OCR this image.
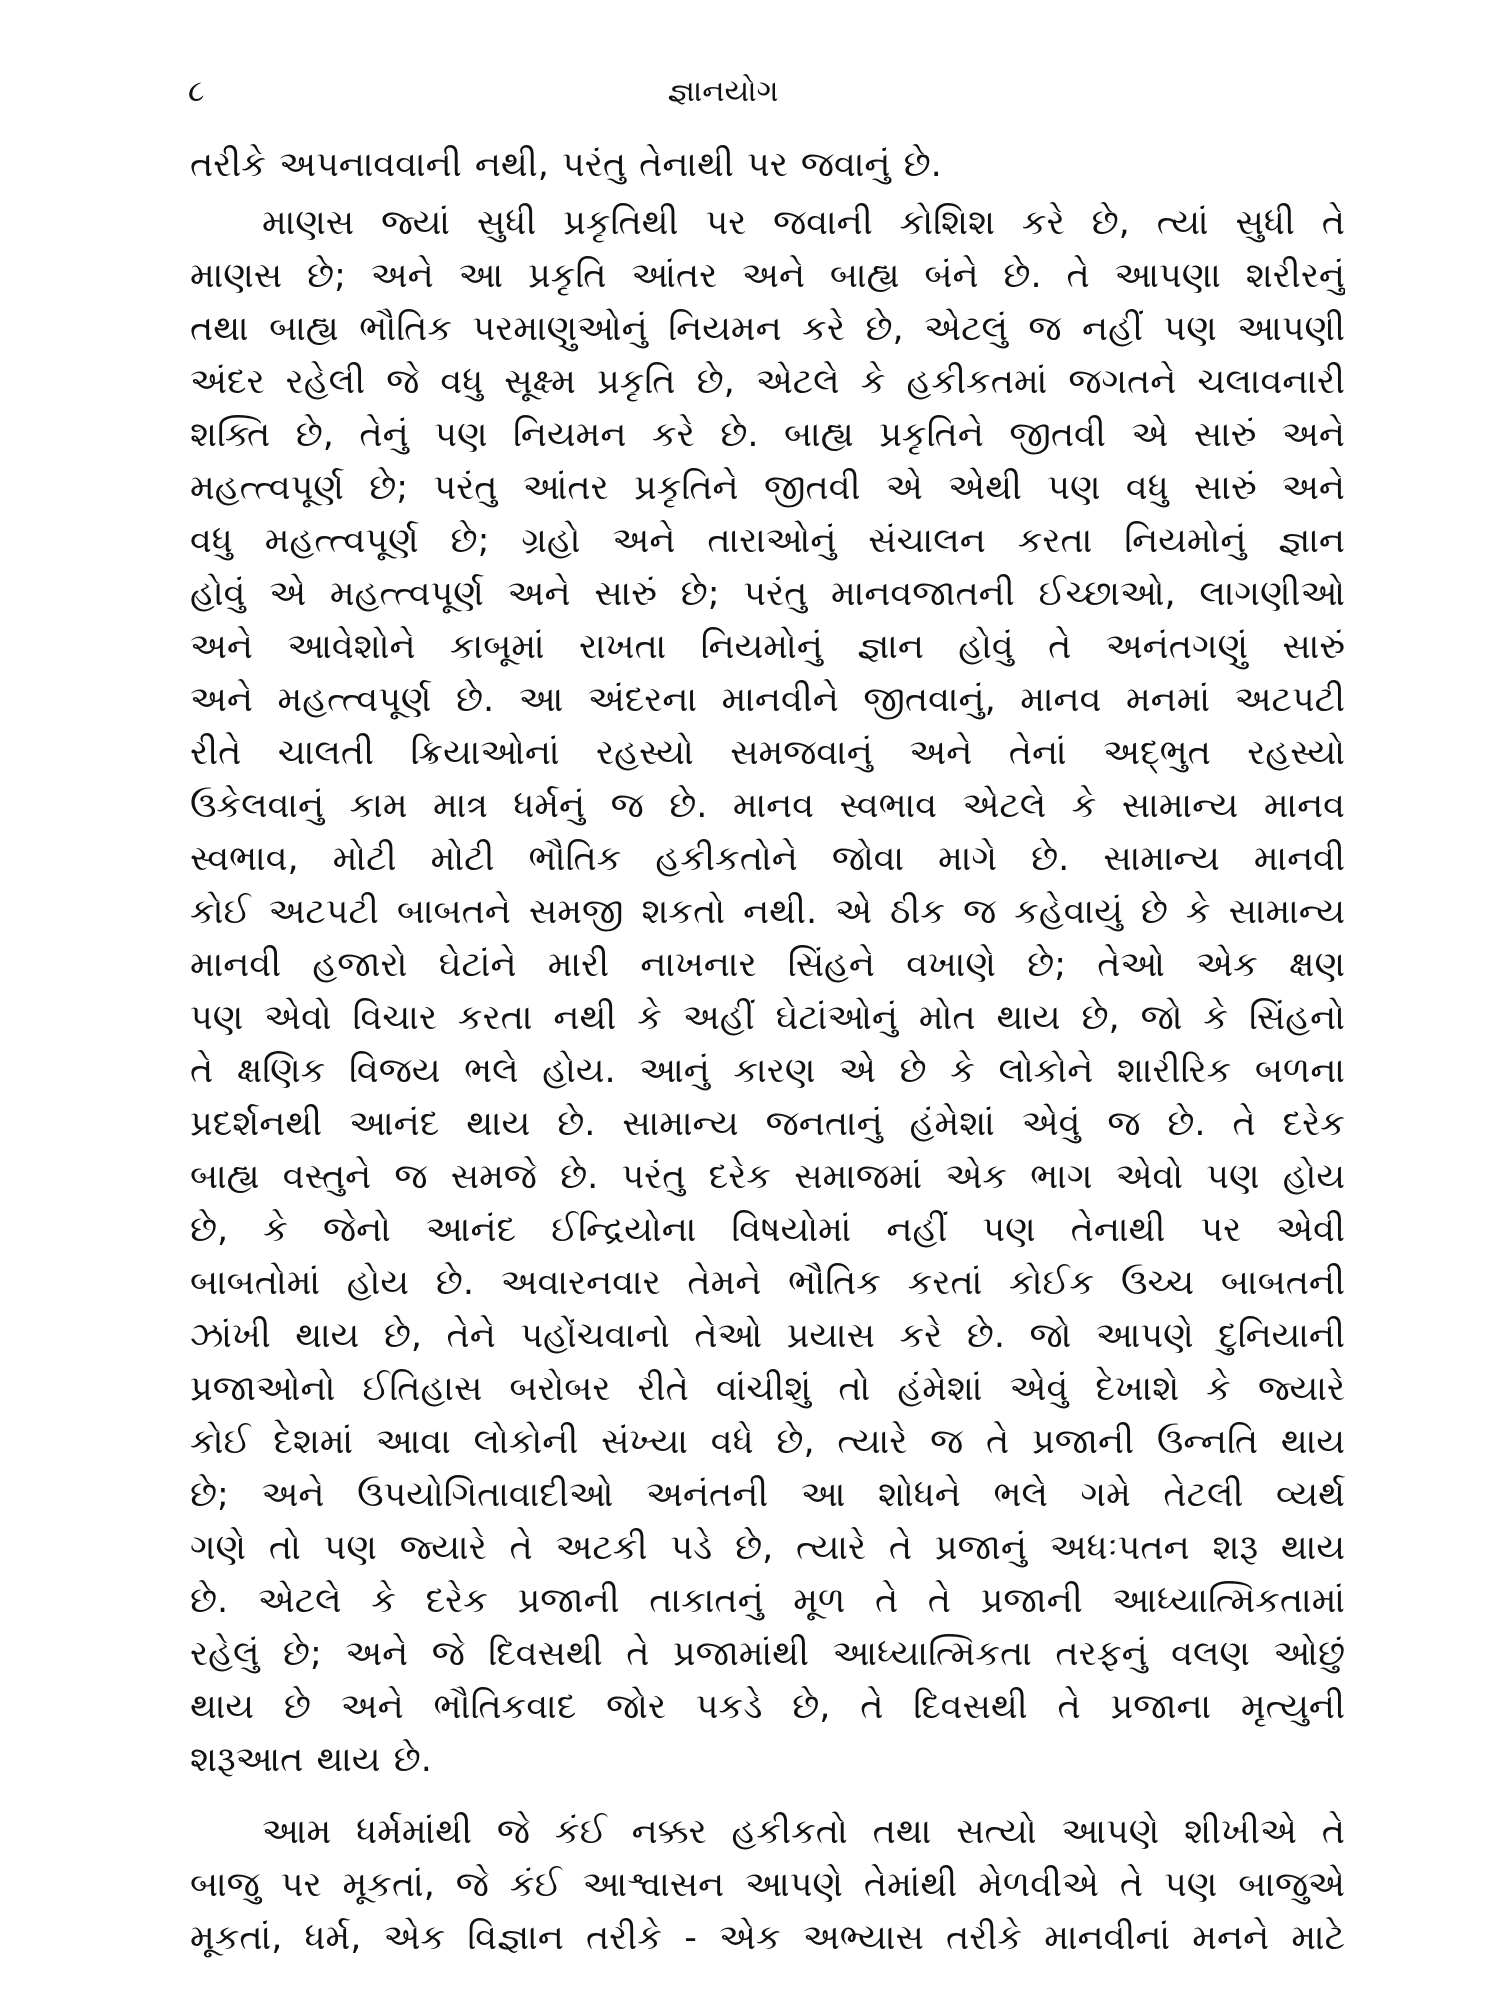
૮	જ્ઞાનયોગ
તરીકે અપનાવવાની નથી, પરંતુ તેનાથી પર જવાનું છે.
માણસ જ્યાં સુધી પ્રકૃતિથી પર જવાની કોશિશ કરે છે, ત્યાં સુધી તે
માણસ છે; અને આ પ્રકૃતિ આંતર અને બાહ્ય બંને છે. તે આપણા શરીરનું
તથા બાહ્ય ભૌતિક પરમાણુઓનું નિયમન કરે છે, એટલું જ નહીં પણ આપણી
અંદર રહેલી જે વધુ સૂક્ષ્મ પ્રકૃતિ છે, એટલે કે હકીકતમાં જગતને ચલાવનારી
શક્તિ છે, તેનું પણ નિયમન કરે છે. બાહ્ય પ્રકૃતિને જીતવી એ સારું અને
મહત્ત્વપૂર્ણ છે; પરંતુ આંતર પ્રકૃતિને જીતવી એ એથી પણ વધુ સારું અને
વધુ મહત્ત્વપૂર્ણ છે; ગ્રહો અને તારાઓનું સંચાલન કરતા નિયમોનું જ્ઞાન
હોવું એ મહત્ત્વપૂર્ણ અને સારું છે; પરંતુ માનવજાતની ઈચ્છાઓ, લાગણીઓ
અને આવેશોને કાબૂમાં રાખતા નિયમોનું જ્ઞાન હોવું તે અનંતગણું સારું
અને મહત્ત્વપૂર્ણ છે. આ અંદરના માનવીને જીતવાનું, માનવ મનમાં અટપટી
રીતે ચાલતી ક્રિયાઓનાં રહસ્યો સમજવાનું અને તેનાં અદ્ભુત રહસ્યો
ઉકેલવાનું કામ માત્ર ધર્મનું જ છે. માનવ સ્વભાવ એટલે કે સામાન્ય માનવ
સ્વભાવ, મોટી મોટી ભૌતિક હકીકતોને જોવા માગે છે. સામાન્ય માનવી
કોઈ અટપટી બાબતને સમજી શકતો નથી. એ ઠીક જ કહેવાયું છે કે સામાન્ય
માનવી હજારો ઘેટાંને મારી નાખનાર સિંહને વખાણે છે; તેઓ એક ક્ષણ
પણ એવો વિચાર કરતા નથી કે અહીં ઘેટાંઓનું મોત થાય છે, જો કે સિંહનો
તે ક્ષણિક વિજય ભલે હોય. આનું કારણ એ છે કે લોકોને શારીરિક બળના
પ્રદર્શનથી આનંદ થાય છે. સામાન્ય જનતાનું હંમેશાં એવું જ છે. તે દરેક
બાહ્ય વસ્તુને જ સમજે છે. પરંતુ દરેક સમાજમાં એક ભાગ એવો પણ હોય
છે, કે જેનો આનંદ ઈન્દ્રિયોના વિષયોમાં નહીં પણ તેનાથી પર એવી
બાબતોમાં હોય છે. અવારનવાર તેમને ભૌતિક કરતાં કોઈક ઉચ્ચ બાબતની
ઝાંખી થાય છે, તેને પહોંચવાનો તેઓ પ્રયાસ કરે છે. જો આપણે દુનિયાની
પ્રજાઓનો ઈતિહાસ બરોબર રીતે વાંચીશું તો હંમેશાં એવું દેખાશે કે જ્યારે
કોઈ દેશમાં આવા લોકોની સંખ્યા વધે છે, ત્યારે જ તે પ્રજાની ઉન્નતિ થાય
છે; અને ઉપયોગિતાવાદીઓ અનંતની આ શોધને ભલે ગમે તેટલી વ્યર્થ
ગણે તો પણ જ્યારે તે અટકી પડે છે, ત્યારે તે પ્રજાનું અધઃપતન શરૂ થાય
છે. એટલે કે દરેક પ્રજાની તાકાતનું મૂળ તે તે પ્રજાની આધ્યાત્મિકતામાં
રહેલું છે; અને જે દિવસથી તે પ્રજામાંથી આધ્યાત્મિકતા તરફનું વલણ ઓછું
થાય છે અને ભૌતિકવાદ જોર પકડે છે, તે દિવસથી તે પ્રજાના મૃત્યુની
શરૂઆત થાય છે.
આમ ધર્મમાંથી જે કંઈ નક્કર હકીકતો તથા સત્યો આપણે શીખીએ તે
બાજુ પર મૂકતાં, જે કંઈ આશ્વાસન આપણે તેમાંથી મેળવીએ તે પણ બાજુએ
મૂકતાં, ધર્મ, એક વિજ્ઞાન તરીકે - એક અભ્યાસ તરીકે માનવીનાં મનને માટે
